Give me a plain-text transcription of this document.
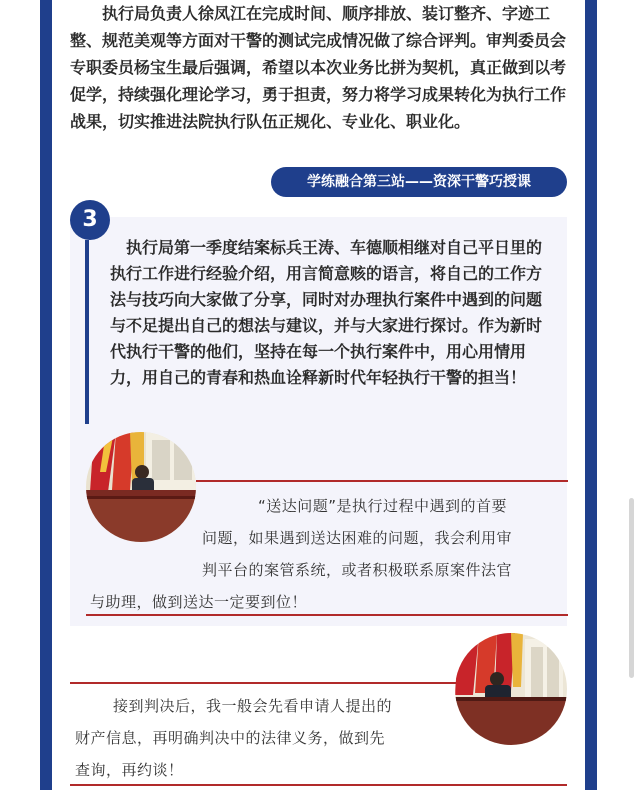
执行局负责人徐凤江在完成时间、顺序排放、装订整齐、字迹工整、规范美观等方面对干警的测试完成情况做了综合评判。审判委员会专职委员杨宝生最后强调，希望以本次业务比拼为契机，真正做到以考促学，持续强化理论学习，勇于担责，努力将学习成果转化为执行工作战果，切实推进法院执行队伍正规化、专业化、职业化。

学练融合第三站——资深干警巧授课
3

执行局第一季度结案标兵王涛、车德顺相继对自己平日里的执行工作进行经验介绍，用言简意赅的语言，将自己的工作方法与技巧向大家做了分享，同时对办理执行案件中遇到的问题与不足提出自己的想法与建议，并与大家进行探讨。作为新时代执行干警的他们，坚持在每一个执行案件中，用心用情用力，用自己的青春和热血诠释新时代年轻执行干警的担当！

“送达问题”是执行过程中遇到的首要
问题，如果遇到送达困难的问题，我会利用审
判平台的案管系统，或者积极联系原案件法官
与助理，做到送达一定要到位！

接到判决后，我一般会先看申请人提出的
财产信息，再明确判决中的法律义务，做到先
查询，再约谈！
